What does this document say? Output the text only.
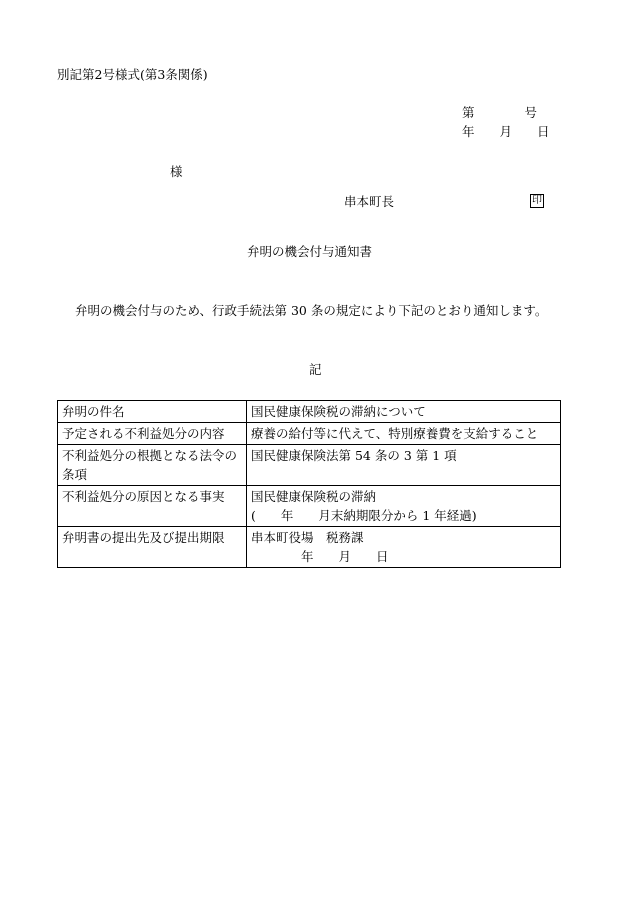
別記第2号様式(第3条関係)
第　　　　号
年　　月　　日
様
串本町長	印
弁明の機会付与通知書
弁明の機会付与のため、行政手続法第 30 条の規定により下記のとおり通知します。
記
弁明の件名	国民健康保険税の滞納について

予定される不利益処分の内容	療養の給付等に代えて、特別療養費を支給すること

不利益処分の根拠となる法令の条項	国民健康保険法第 54 条の 3 第 1 項

不利益処分の原因となる事実	国民健康保険税の滞納
(　　年　　月末納期限分から 1 年経過)

弁明書の提出先及び提出期限	串本町役場　税務課
　　　　年　　月　　日
